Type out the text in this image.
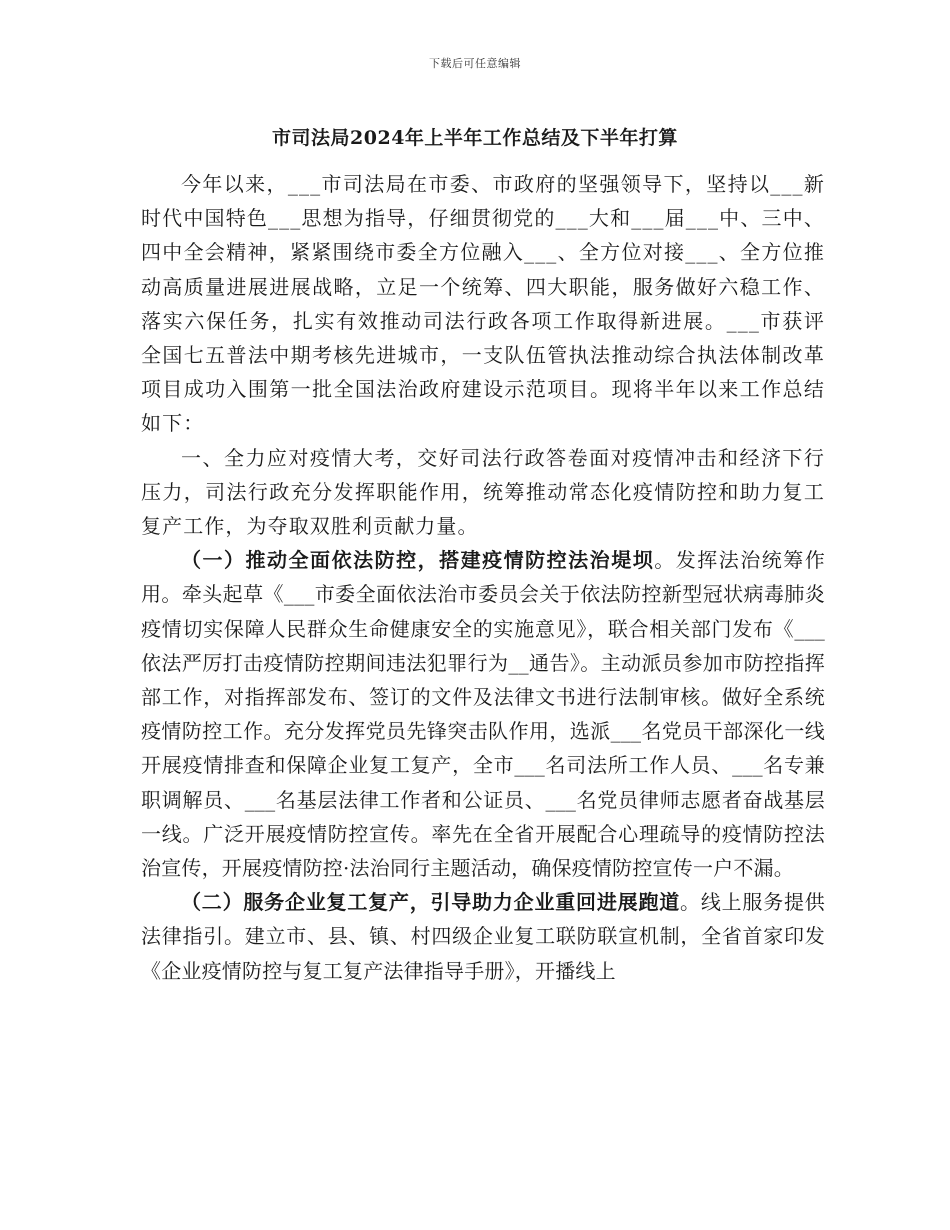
下载后可任意编辑
市司法局2024年上半年工作总结及下半年打算

今年以来，___市司法局在市委、市政府的坚强领导下，坚持以___新时代中国特色___思想为指导，仔细贯彻党的___大和___届___中、三中、四中全会精神，紧紧围绕市委全方位融入___、全方位对接___、全方位推动高质量进展进展战略，立足一个统筹、四大职能，服务做好六稳工作、落实六保任务，扎实有效推动司法行政各项工作取得新进展。___市获评全国七五普法中期考核先进城市，一支队伍管执法推动综合执法体制改革项目成功入围第一批全国法治政府建设示范项目。现将半年以来工作总结如下：

一、全力应对疫情大考，交好司法行政答卷面对疫情冲击和经济下行压力，司法行政充分发挥职能作用，统筹推动常态化疫情防控和助力复工复产工作，为夺取双胜利贡献力量。

（一）推动全面依法防控，搭建疫情防控法治堤坝。发挥法治统筹作用。牵头起草《___市委全面依法治市委员会关于依法防控新型冠状病毒肺炎疫情切实保障人民群众生命健康安全的实施意见》，联合相关部门发布《___依法严厉打击疫情防控期间违法犯罪行为__通告》。主动派员参加市防控指挥部工作，对指挥部发布、签订的文件及法律文书进行法制审核。做好全系统疫情防控工作。充分发挥党员先锋突击队作用，选派___名党员干部深化一线开展疫情排查和保障企业复工复产，全市___名司法所工作人员、___名专兼职调解员、___名基层法律工作者和公证员、___名党员律师志愿者奋战基层一线。广泛开展疫情防控宣传。率先在全省开展配合心理疏导的疫情防控法治宣传，开展疫情防控·法治同行主题活动，确保疫情防控宣传一户不漏。

（二）服务企业复工复产，引导助力企业重回进展跑道。线上服务提供法律指引。建立市、县、镇、村四级企业复工联防联宣机制，全省首家印发《企业疫情防控与复工复产法律指导手册》，开播线上
